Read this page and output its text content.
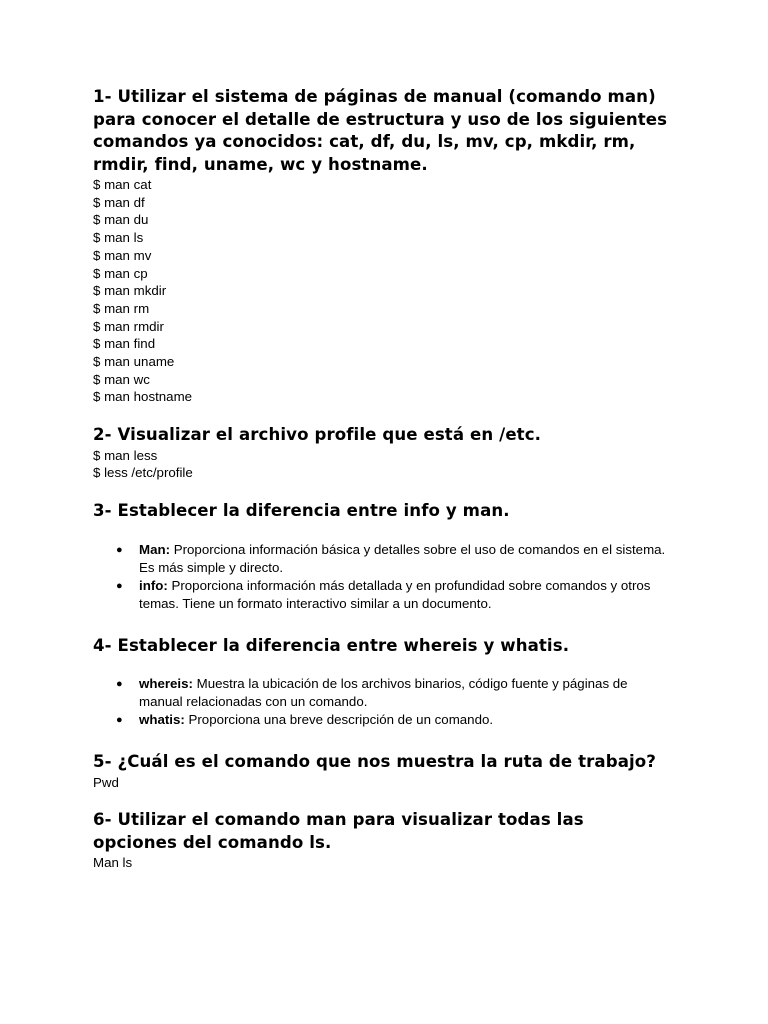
1- Utilizar el sistema de páginas de manual (comando man) para conocer el detalle de estructura y uso de los siguientes comandos ya conocidos: cat, df, du, ls, mv, cp, mkdir, rm, rmdir, find, uname, wc y hostname.

$ man cat
$ man df
$ man du
$ man ls
$ man mv
$ man cp
$ man mkdir
$ man rm
$ man rmdir
$ man find
$ man uname
$ man wc
$ man hostname

2- Visualizar el archivo profile que está en /etc.

$ man less
$ less /etc/profile

3- Establecer la diferencia entre info y man.

● Man: Proporciona información básica y detalles sobre el uso de comandos en el sistema. Es más simple y directo.
● info: Proporciona información más detallada y en profundidad sobre comandos y otros temas. Tiene un formato interactivo similar a un documento.

4- Establecer la diferencia entre whereis y whatis.

● whereis: Muestra la ubicación de los archivos binarios, código fuente y páginas de manual relacionadas con un comando.
● whatis: Proporciona una breve descripción de un comando.

5- ¿Cuál es el comando que nos muestra la ruta de trabajo?

Pwd

6- Utilizar el comando man para visualizar todas las opciones del comando ls.

Man ls
